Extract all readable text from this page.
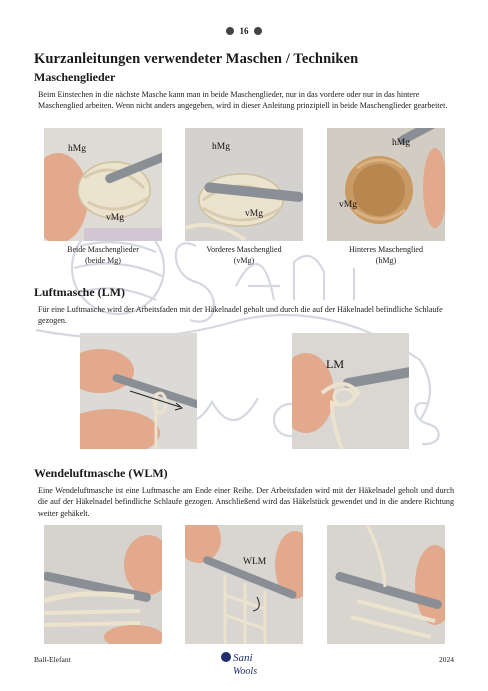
16
Kurzanleitungen verwendeter Maschen / Techniken
Maschenglieder

Beim Einstechen in die nächste Masche kann man in beide Maschenglieder, nur in das vordere oder nur in das hintere Maschenglied arbeiten. Wenn nicht anders angegeben, wird in dieser Anleitung prinzipiell in beide Maschenglieder gearbeitet.

hMg
vMg
hMg
vMg
hMg
vMg
Beide Maschenglieder
(beide Mg)
Vorderes Maschenglied
(vMg)
Hinteres Maschenglied
(hMg)
Luftmasche (LM)

Für eine Luftmasche wird der Arbeitsfaden mit der Häkelnadel geholt und durch die auf der Häkelnadel befindliche Schlaufe gezogen.

LM
Wendeluftmasche (WLM)

Eine Wendeluftmasche ist eine Luftmasche am Ende einer Reihe. Der Arbeitsfaden wird mit der Häkelnadel geholt und durch die auf der Häkelnadel befindliche Schlaufe gezogen. Anschließend wird das Häkelstück gewendet und in die andere Richtung weiter gehäkelt.

WLM
Ball-Elefant	Sani
Wools
2024
